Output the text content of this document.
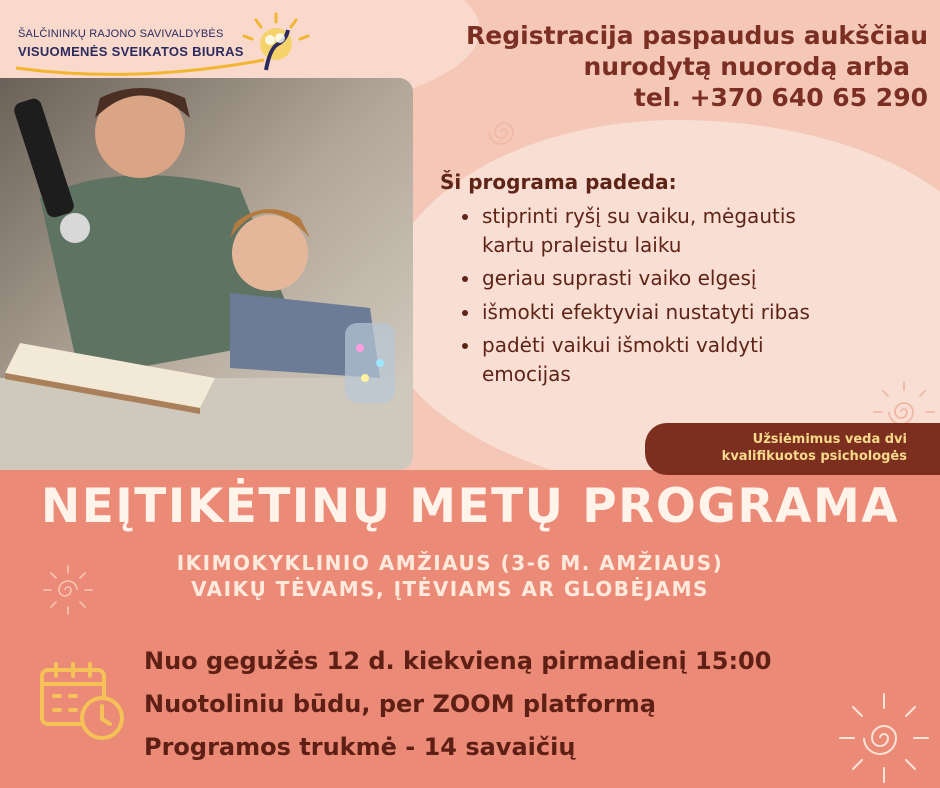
ŠALČININKŲ RAJONO SAVIVALDYBĖS
VISUOMENĖS SVEIKATOS BIURAS
Registracija paspaudus aukščiau
nurodytą nuorodą arba
tel. +370 640 65 290
Ši programa padeda:
stiprinti ryšį su vaiku, mėgautis
kartu praleistu laiku
geriau suprasti vaiko elgesį
išmokti efektyviai nustatyti ribas
padėti vaikui išmokti valdyti
emocijas
Užsiėmimus veda dvi
kvalifikuotos psichologės
NEĮTIKĖTINŲ METŲ PROGRAMA
IKIMOKYKLINIO AMŽIAUS (3-6 M. AMŽIAUS)
VAIKŲ TĖVAMS, ĮTĖVIAMS AR GLOBĖJAMS
Nuo gegužės 12 d. kiekvieną pirmadienį 15:00
Nuotoliniu būdu, per ZOOM platformą
Programos trukmė - 14 savaičių
